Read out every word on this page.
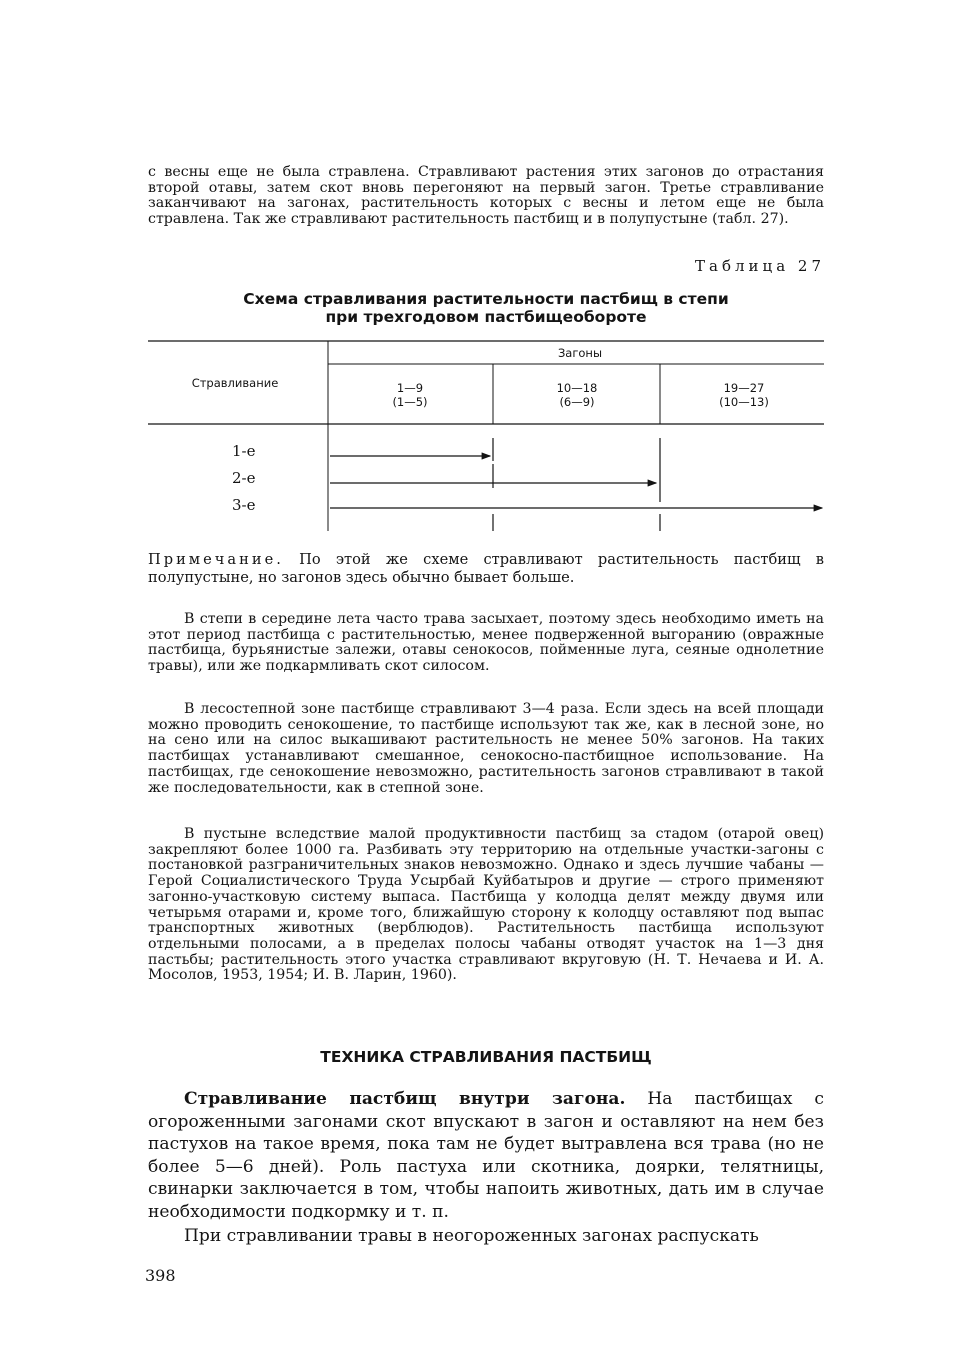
с весны еще не была стравлена. Стравливают растения этих загонов до отрастания второй отавы, затем скот вновь перегоняют на первый загон. Третье стравливание заканчивают на загонах, растительность которых с весны и летом еще не была стравлена. Так же стравливают растительность пастбищ и в полупустыне (табл. 27).

Таблица 27
Схема стравливания растительности пастбищ в степи
при трехгодовом пастбищеобороте
Стравливание
Загоны
1—9
(1—5)
10—18
(6—9)
19—27
(10—13)
1-е
2-е
3-е

Примечание. По этой же схеме стравливают растительность пастбищ в полупустыне, но загонов здесь обычно бывает больше.

В степи в середине лета часто трава засыхает, поэтому здесь необходимо иметь на этот период пастбища с растительностью, менее подверженной выгоранию (овражные пастбища, бурьянистые залежи, отавы сенокосов, пойменные луга, сеяные однолетние травы), или же подкармливать скот силосом.

В лесостепной зоне пастбище стравливают 3—4 раза. Если здесь на всей площади можно проводить сенокошение, то пастбище используют так же, как в лесной зоне, но на сено или на силос выкашивают растительность не менее 50% загонов. На таких пастбищах устанавливают смешанное, сенокосно-пастбищное использование. На пастбищах, где сенокошение невозможно, растительность загонов стравливают в такой же последовательности, как в степной зоне.

В пустыне вследствие малой продуктивности пастбищ за стадом (отарой овец) закрепляют более 1000 га. Разбивать эту территорию на отдельные участки-загоны с постановкой разграничительных знаков невозможно. Однако и здесь лучшие чабаны — Герой Социалистического Труда Усырбай Куйбатыров и другие — строго применяют загонно-участковую систему выпаса. Пастбища у колодца делят между двумя или четырьмя отарами и, кроме того, ближайшую сторону к колодцу оставляют под выпас транспортных животных (верблюдов). Растительность пастбища используют отдельными полосами, а в пределах полосы чабаны отводят участок на 1—3 дня пастьбы; растительность этого участка стравливают вкруговую (Н. Т. Нечаева и И. А. Мосолов, 1953, 1954; И. В. Ларин, 1960).

ТЕХНИКА СТРАВЛИВАНИЯ ПАСТБИЩ

Стравливание пастбищ внутри загона. На пастбищах с огороженными загонами скот впускают в загон и оставляют на нем без пастухов на такое время, пока там не будет вытравлена вся трава (но не более 5—6 дней). Роль пастуха или скотника, доярки, телятницы, свинарки заключается в том, чтобы напоить животных, дать им в случае необходимости подкормку и т. п.

При стравливании травы в неогороженных загонах распускать

398
